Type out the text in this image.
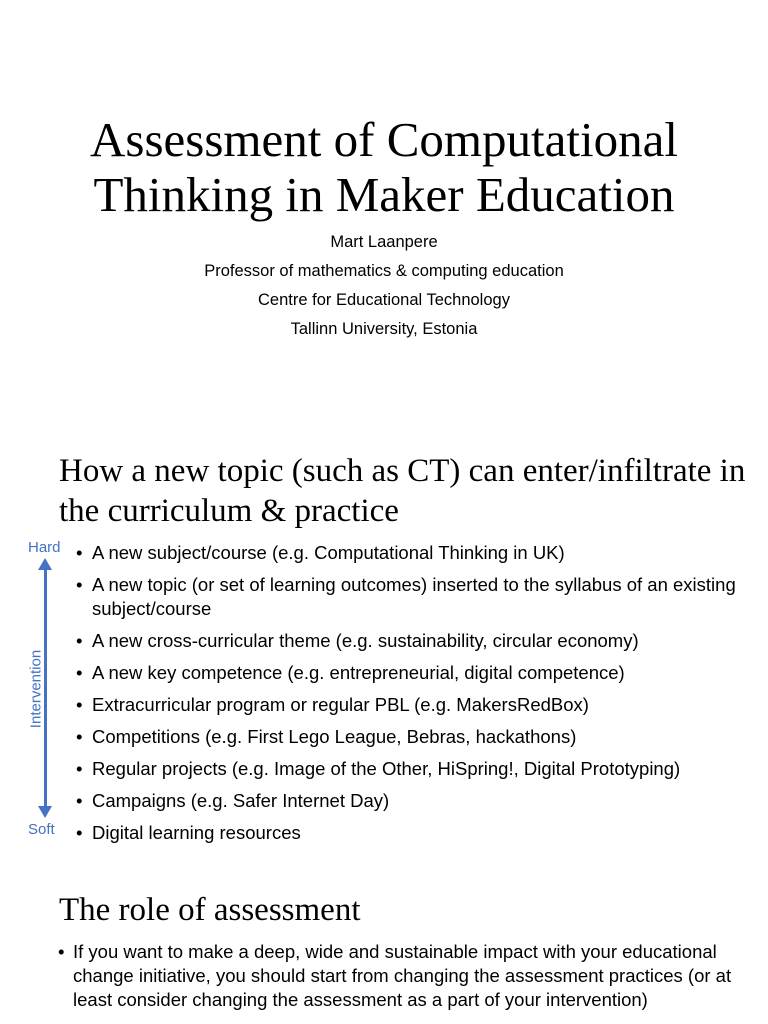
Assessment of Computational Thinking in Maker Education
Mart Laanpere
Professor of mathematics & computing education
Centre for Educational Technology
Tallinn University, Estonia
How a new topic (such as CT) can enter/infiltrate in the curriculum & practice
Hard
Intervention
Soft
• A new subject/course (e.g. Computational Thinking in UK)
• A new topic (or set of learning outcomes) inserted to the syllabus of an existing subject/course
• A new cross-curricular theme (e.g. sustainability, circular economy)
• A new key competence (e.g. entrepreneurial, digital competence)
• Extracurricular program or regular PBL (e.g. MakersRedBox)
• Competitions (e.g. First Lego League, Bebras, hackathons)
• Regular projects (e.g. Image of the Other, HiSpring!, Digital Prototyping)
• Campaigns (e.g. Safer Internet Day)
• Digital learning resources
The role of assessment
• If you want to make a deep, wide and sustainable impact with your educational change initiative, you should start from changing the assessment practices (or at least consider changing the assessment as a part of your intervention)
